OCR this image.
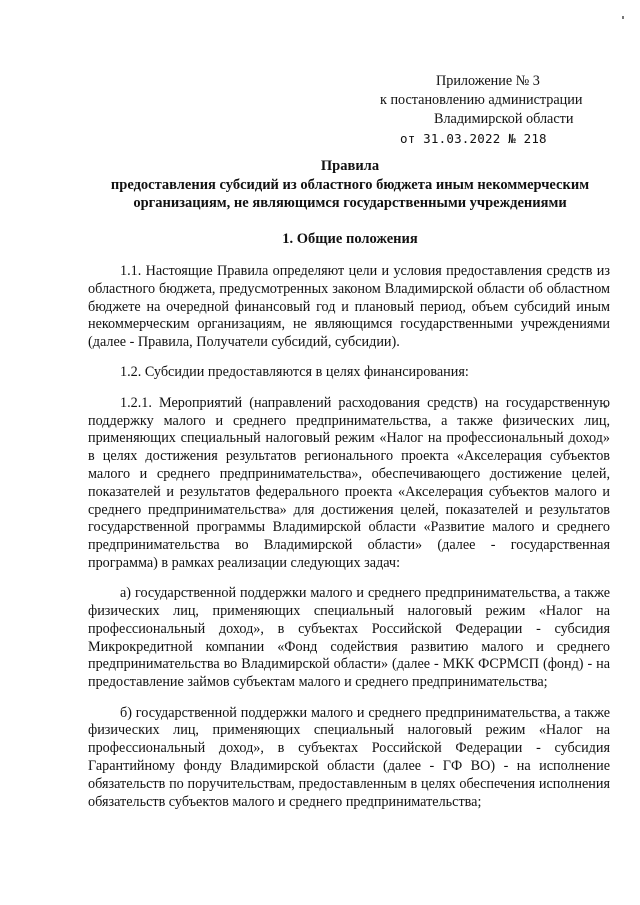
Приложение № 3
к постановлению администрации
Владимирской области
от 31.03.2022 № 218
Правила
предоставления субсидий из областного бюджета иным некоммерческим
организациям, не являющимся государственными учреждениями
1. Общие положения

1.1. Настоящие Правила определяют цели и условия предоставления средств из областного бюджета, предусмотренных законом Владимирской области об областном бюджете на очередной финансовый год и плановый период, объем субсидий иным некоммерческим организациям, не являющимся государственными учреждениями (далее - Правила, Получатели субсидий, субсидии).

1.2. Субсидии предоставляются в целях финансирования:

1.2.1. Мероприятий (направлений расходования средств) на государственную поддержку малого и среднего предпринимательства, а также физических лиц, применяющих специальный налоговый режим «Налог на профессиональный доход» в целях достижения результатов регионального проекта «Акселерация субъектов малого и среднего предпринимательства», обеспечивающего достижение целей, показателей и результатов федерального проекта «Акселерация субъектов малого и среднего предпринимательства» для достижения целей, показателей и результатов государственной программы Владимирской области «Развитие малого и среднего предпринимательства во Владимирской области» (далее - государственная программа) в рамках реализации следующих задач:

а) государственной поддержки малого и среднего предпринимательства, а также физических лиц, применяющих специальный налоговый режим «Налог на профессиональный доход», в субъектах Российской Федерации - субсидия Микрокредитной компании «Фонд содействия развитию малого и среднего предпринимательства во Владимирской области» (далее - МКК ФСРМСП (фонд) - на предоставление займов субъектам малого и среднего предпринимательства;

б) государственной поддержки малого и среднего предпринимательства, а также физических лиц, применяющих специальный налоговый режим «Налог на профессиональный доход», в субъектах Российской Федерации - субсидия Гарантийному фонду Владимирской области (далее - ГФ ВО) - на исполнение обязательств по поручительствам, предоставленным в целях обеспечения исполнения обязательств субъектов малого и среднего предпринимательства;
